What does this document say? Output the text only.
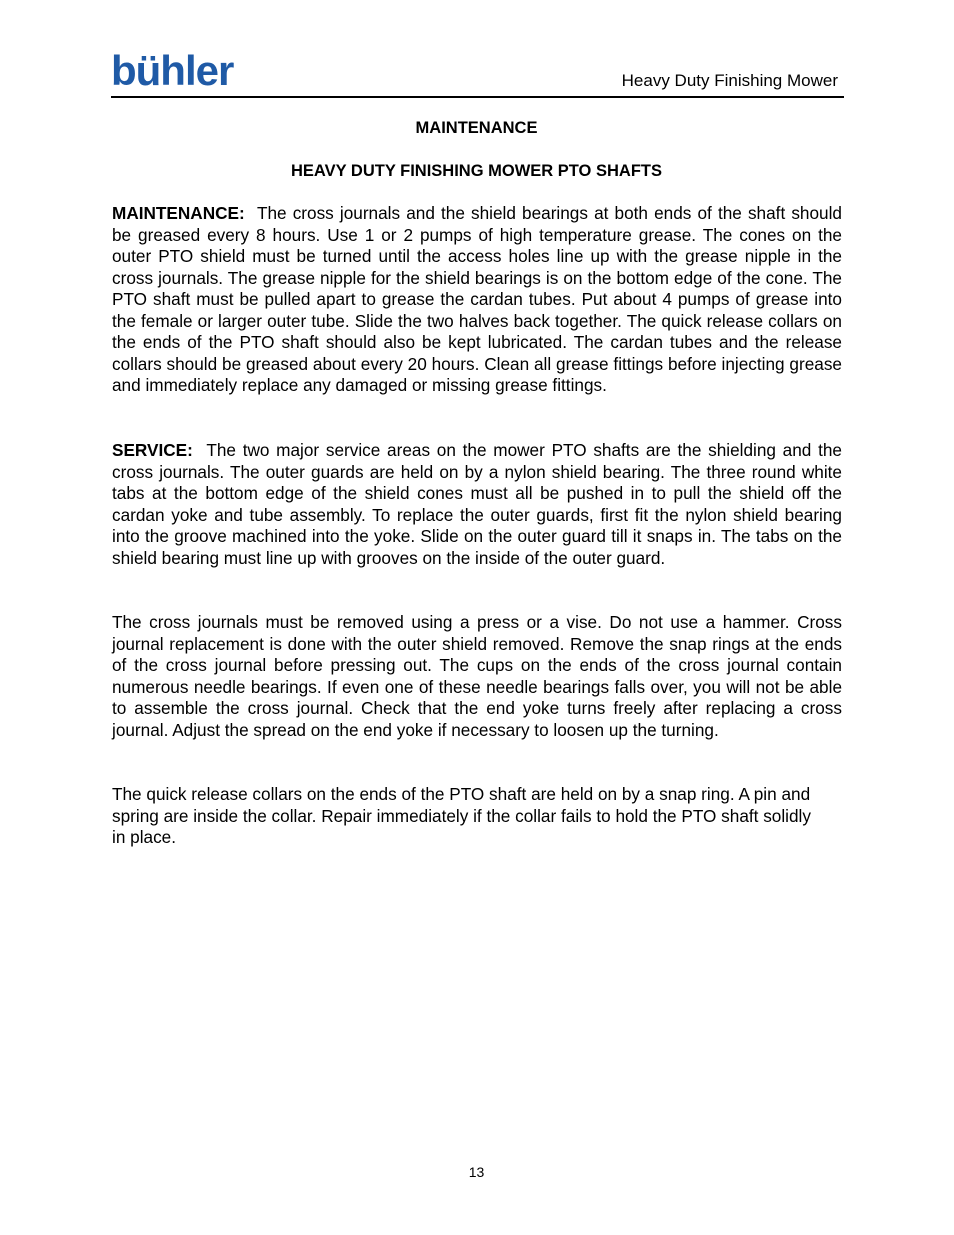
bühler	Heavy Duty Finishing Mower
MAINTENANCE
HEAVY DUTY FINISHING MOWER PTO SHAFTS
MAINTENANCE: The cross journals and the shield bearings at both ends of the shaft should be greased every 8 hours. Use 1 or 2 pumps of high temperature grease. The cones on the outer PTO shield must be turned until the access holes line up with the grease nipple in the cross journals. The grease nipple for the shield bearings is on the bottom edge of the cone. The PTO shaft must be pulled apart to grease the cardan tubes. Put about 4 pumps of grease into the female or larger outer tube. Slide the two halves back together. The quick release collars on the ends of the PTO shaft should also be kept lubricated. The cardan tubes and the release collars should be greased about every 20 hours. Clean all grease fittings before injecting grease and immediately replace any damaged or missing grease fittings.
SERVICE: The two major service areas on the mower PTO shafts are the shielding and the cross journals. The outer guards are held on by a nylon shield bearing. The three round white tabs at the bottom edge of the shield cones must all be pushed in to pull the shield off the cardan yoke and tube assembly. To replace the outer guards, first fit the nylon shield bearing into the groove machined into the yoke. Slide on the outer guard till it snaps in. The tabs on the shield bearing must line up with grooves on the inside of the outer guard.
The cross journals must be removed using a press or a vise. Do not use a hammer. Cross journal replacement is done with the outer shield removed. Remove the snap rings at the ends of the cross journal before pressing out. The cups on the ends of the cross journal contain numerous needle bearings. If even one of these needle bearings falls over, you will not be able to assemble the cross journal. Check that the end yoke turns freely after replacing a cross journal. Adjust the spread on the end yoke if necessary to loosen up the turning.
The quick release collars on the ends of the PTO shaft are held on by a snap ring. A pin and spring are inside the collar. Repair immediately if the collar fails to hold the PTO shaft solidly in place.
13
